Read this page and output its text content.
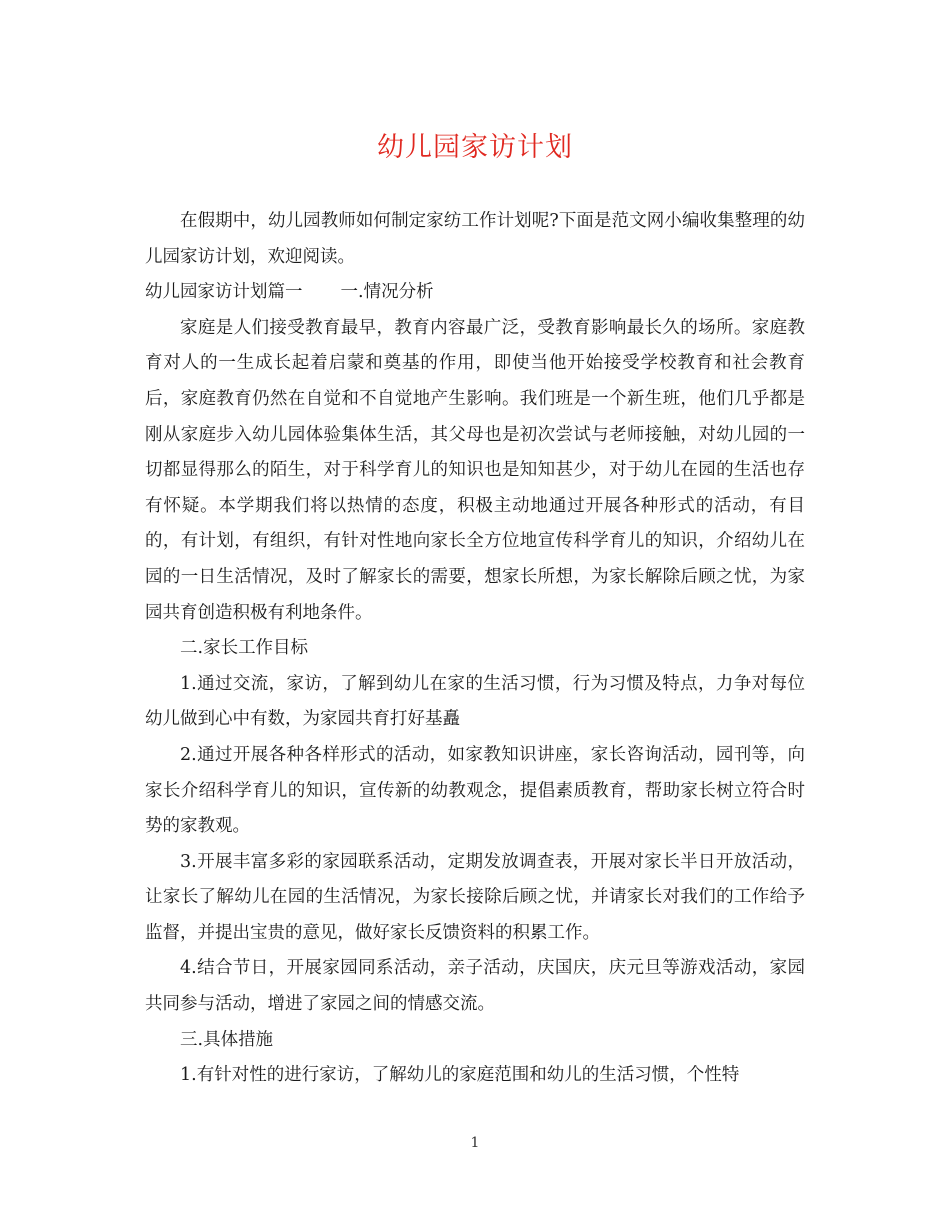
幼儿园家访计划

在假期中，幼儿园教师如何制定家纺工作计划呢?下面是范文网小编收集整理的幼儿园家访计划，欢迎阅读。

幼儿园家访计划篇一 一.情况分析

家庭是人们接受教育最早，教育内容最广泛，受教育影响最长久的场所。家庭教育对人的一生成长起着启蒙和奠基的作用，即使当他开始接受学校教育和社会教育后，家庭教育仍然在自觉和不自觉地产生影响。我们班是一个新生班，他们几乎都是刚从家庭步入幼儿园体验集体生活，其父母也是初次尝试与老师接触，对幼儿园的一切都显得那么的陌生，对于科学育儿的知识也是知知甚少，对于幼儿在园的生活也存有怀疑。本学期我们将以热情的态度，积极主动地通过开展各种形式的活动，有目的，有计划，有组织，有针对性地向家长全方位地宣传科学育儿的知识，介绍幼儿在园的一日生活情况，及时了解家长的需要，想家长所想，为家长解除后顾之忧，为家园共育创造积极有利地条件。

二.家长工作目标

1.通过交流，家访，了解到幼儿在家的生活习惯，行为习惯及特点，力争对每位幼儿做到心中有数，为家园共育打好基矗

2.通过开展各种各样形式的活动，如家教知识讲座，家长咨询活动，园刊等，向家长介绍科学育儿的知识，宣传新的幼教观念，提倡素质教育，帮助家长树立符合时势的家教观。

3.开展丰富多彩的家园联系活动，定期发放调查表，开展对家长半日开放活动，让家长了解幼儿在园的生活情况，为家长接除后顾之忧，并请家长对我们的工作给予监督，并提出宝贵的意见，做好家长反馈资料的积累工作。

4.结合节日，开展家园同系活动，亲子活动，庆国庆，庆元旦等游戏活动，家园共同参与活动，增进了家园之间的情感交流。

三.具体措施

1.有针对性的进行家访，了解幼儿的家庭范围和幼儿的生活习惯，个性特

1
